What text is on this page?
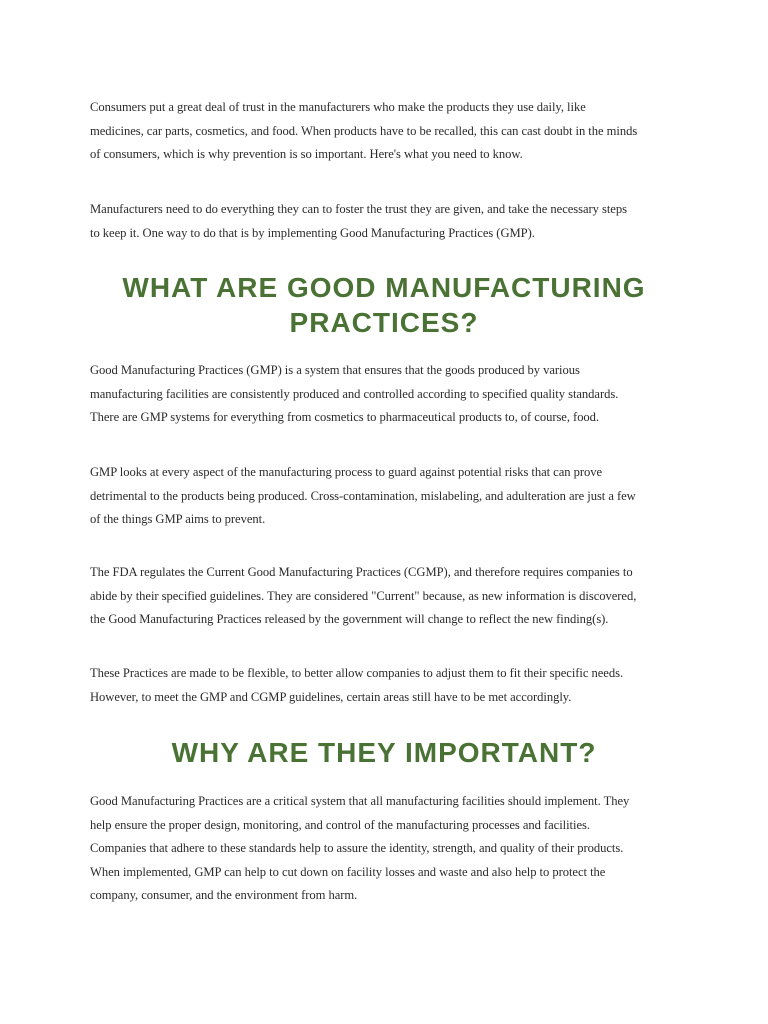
Consumers put a great deal of trust in the manufacturers who make the products they use daily, like
medicines, car parts, cosmetics, and food. When products have to be recalled, this can cast doubt in the minds
of consumers, which is why prevention is so important. Here's what you need to know.

Manufacturers need to do everything they can to foster the trust they are given, and take the necessary steps
to keep it. One way to do that is by implementing Good Manufacturing Practices (GMP).

WHAT ARE GOOD MANUFACTURING
PRACTICES?

Good Manufacturing Practices (GMP) is a system that ensures that the goods produced by various
manufacturing facilities are consistently produced and controlled according to specified quality standards.
There are GMP systems for everything from cosmetics to pharmaceutical products to, of course, food.

GMP looks at every aspect of the manufacturing process to guard against potential risks that can prove
detrimental to the products being produced. Cross-contamination, mislabeling, and adulteration are just a few
of the things GMP aims to prevent.

The FDA regulates the Current Good Manufacturing Practices (CGMP), and therefore requires companies to
abide by their specified guidelines. They are considered "Current" because, as new information is discovered,
the Good Manufacturing Practices released by the government will change to reflect the new finding(s).

These Practices are made to be flexible, to better allow companies to adjust them to fit their specific needs.
However, to meet the GMP and CGMP guidelines, certain areas still have to be met accordingly.

WHY ARE THEY IMPORTANT?

Good Manufacturing Practices are a critical system that all manufacturing facilities should implement. They
help ensure the proper design, monitoring, and control of the manufacturing processes and facilities.
Companies that adhere to these standards help to assure the identity, strength, and quality of their products.
When implemented, GMP can help to cut down on facility losses and waste and also help to protect the
company, consumer, and the environment from harm.
